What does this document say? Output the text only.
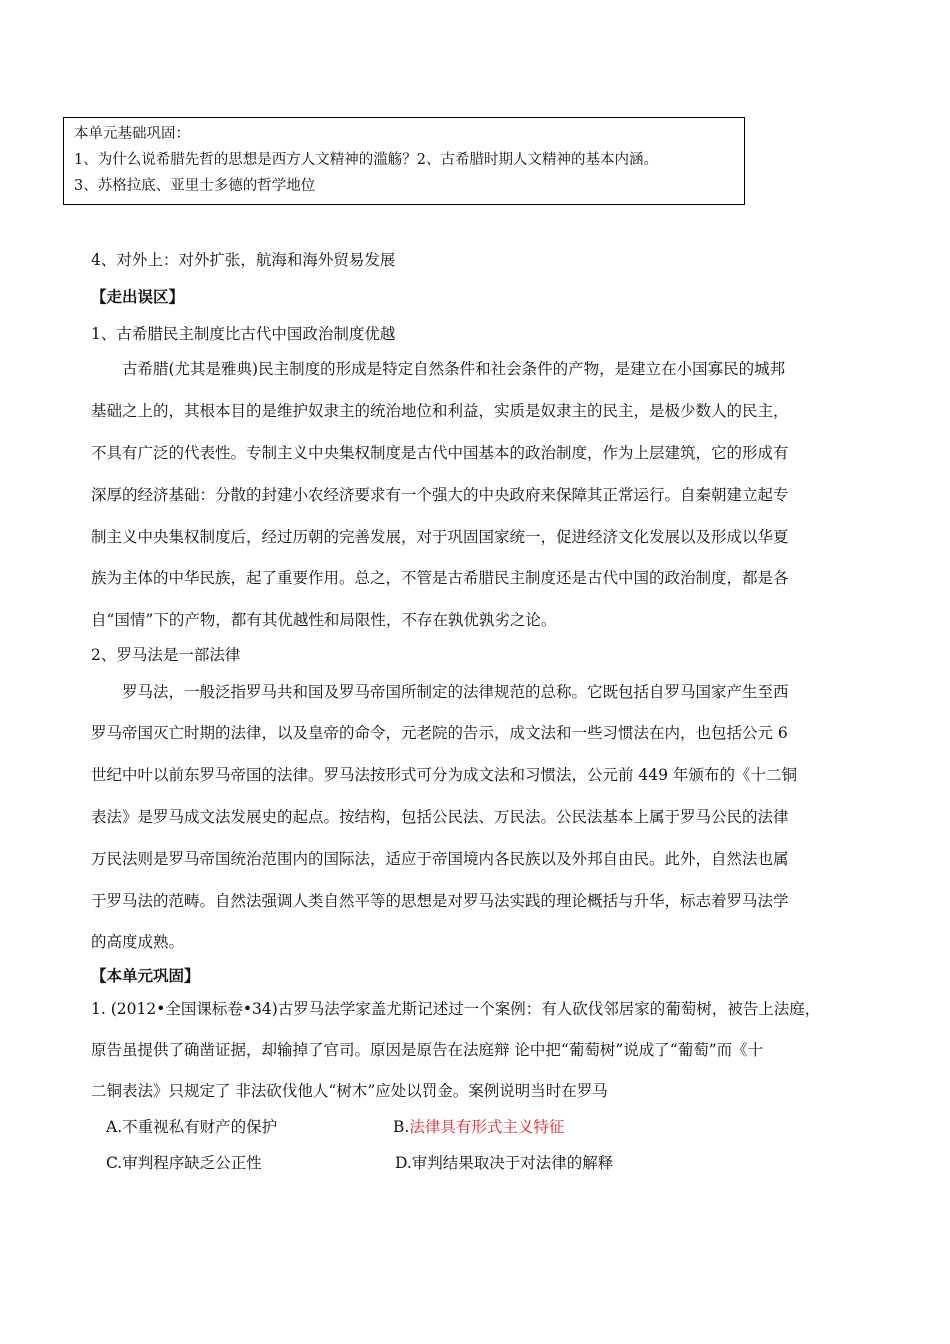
本单元基础巩固：
1、为什么说希腊先哲的思想是西方人文精神的滥觞？2、古希腊时期人文精神的基本内涵。
3、苏格拉底、亚里士多德的哲学地位
4、对外上：对外扩张，航海和海外贸易发展
【走出误区】
1、古希腊民主制度比古代中国政治制度优越
古希腊(尤其是雅典)民主制度的形成是特定自然条件和社会条件的产物，是建立在小国寡民的城邦
基础之上的，其根本目的是维护奴隶主的统治地位和利益，实质是奴隶主的民主，是极少数人的民主，
不具有广泛的代表性。专制主义中央集权制度是古代中国基本的政治制度，作为上层建筑，它的形成有
深厚的经济基础：分散的封建小农经济要求有一个强大的中央政府来保障其正常运行。自秦朝建立起专
制主义中央集权制度后，经过历朝的完善发展，对于巩固国家统一，促进经济文化发展以及形成以华夏
族为主体的中华民族，起了重要作用。总之，不管是古希腊民主制度还是古代中国的政治制度，都是各
自“国情”下的产物，都有其优越性和局限性，不存在孰优孰劣之论。
2、罗马法是一部法律
罗马法，一般泛指罗马共和国及罗马帝国所制定的法律规范的总称。它既包括自罗马国家产生至西
罗马帝国灭亡时期的法律，以及皇帝的命令，元老院的告示，成文法和一些习惯法在内，也包括公元 6
世纪中叶以前东罗马帝国的法律。罗马法按形式可分为成文法和习惯法，公元前 449 年颁布的《十二铜
表法》是罗马成文法发展史的起点。按结构，包括公民法、万民法。公民法基本上属于罗马公民的法律
万民法则是罗马帝国统治范围内的国际法，适应于帝国境内各民族以及外邦自由民。此外，自然法也属
于罗马法的范畴。自然法强调人类自然平等的思想是对罗马法实践的理论概括与升华，标志着罗马法学
的高度成熟。
【本单元巩固】
1. (2012•全国课标卷•34)古罗马法学家盖尤斯记述过一个案例：有人砍伐邻居家的葡萄树，被告上法庭，
原告虽提供了确凿证据，却输掉了官司。原因是原告在法庭辩 论中把“葡萄树”说成了“葡萄”而《十
二铜表法》只规定了 非法砍伐他人“树木”应处以罚金。案例说明当时在罗马
A.不重视私有财产的保护	B.法律具有形式主义特征
C.审判程序缺乏公正性	D.审判结果取决于对法律的解释
